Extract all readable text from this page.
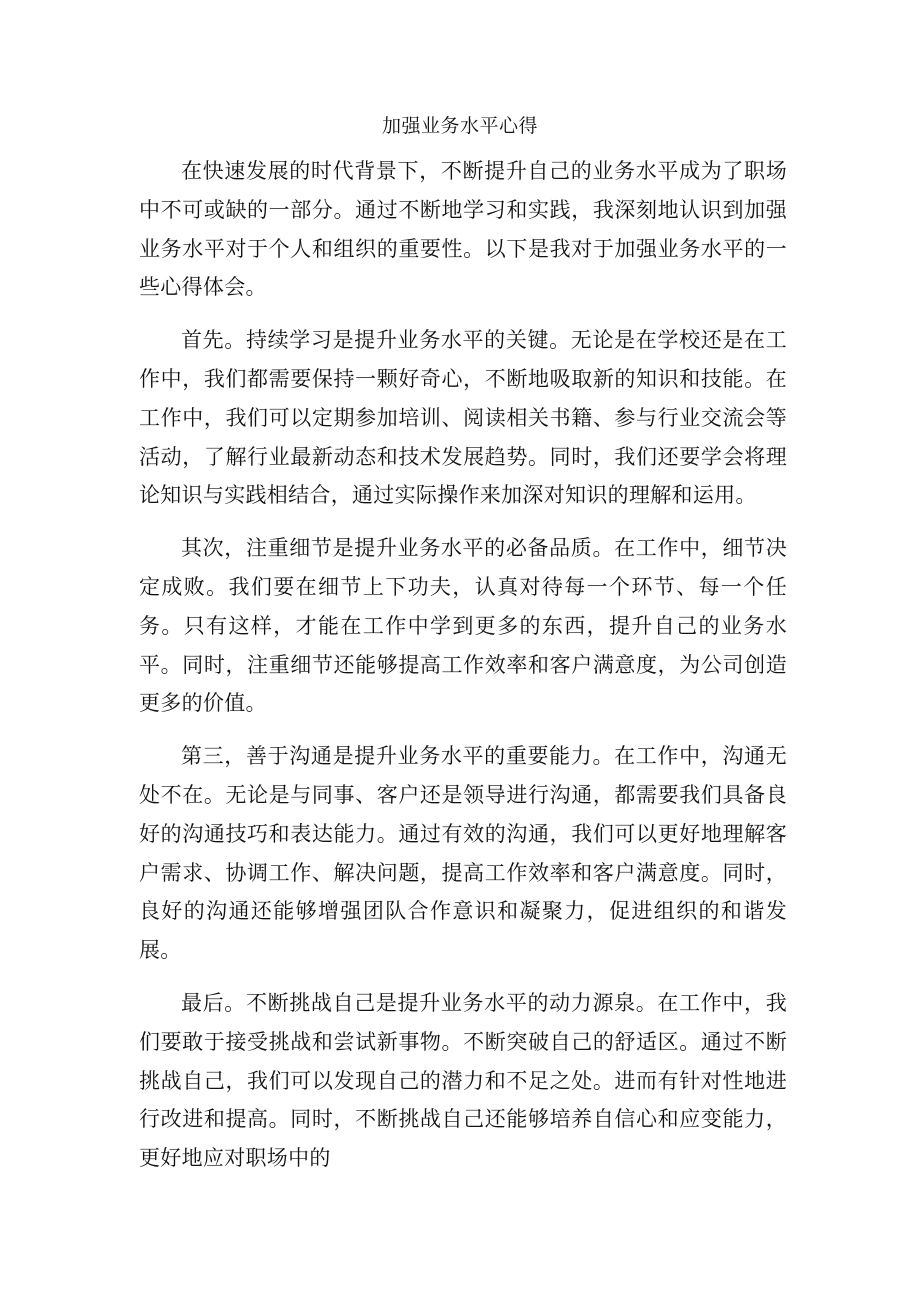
加强业务水平心得

在快速发展的时代背景下，不断提升自己的业务水平成为了职场中不可或缺的一部分。通过不断地学习和实践，我深刻地认识到加强业务水平对于个人和组织的重要性。以下是我对于加强业务水平的一些心得体会。

首先。持续学习是提升业务水平的关键。无论是在学校还是在工作中，我们都需要保持一颗好奇心，不断地吸取新的知识和技能。在工作中，我们可以定期参加培训、阅读相关书籍、参与行业交流会等活动，了解行业最新动态和技术发展趋势。同时，我们还要学会将理论知识与实践相结合，通过实际操作来加深对知识的理解和运用。

其次，注重细节是提升业务水平的必备品质。在工作中，细节决定成败。我们要在细节上下功夫，认真对待每一个环节、每一个任务。只有这样，才能在工作中学到更多的东西，提升自己的业务水平。同时，注重细节还能够提高工作效率和客户满意度，为公司创造更多的价值。

第三，善于沟通是提升业务水平的重要能力。在工作中，沟通无处不在。无论是与同事、客户还是领导进行沟通，都需要我们具备良好的沟通技巧和表达能力。通过有效的沟通，我们可以更好地理解客户需求、协调工作、解决问题，提高工作效率和客户满意度。同时，良好的沟通还能够增强团队合作意识和凝聚力，促进组织的和谐发展。

最后。不断挑战自己是提升业务水平的动力源泉。在工作中，我们要敢于接受挑战和尝试新事物。不断突破自己的舒适区。通过不断挑战自己，我们可以发现自己的潜力和不足之处。进而有针对性地进行改进和提高。同时，不断挑战自己还能够培养自信心和应变能力，更好地应对职场中的
